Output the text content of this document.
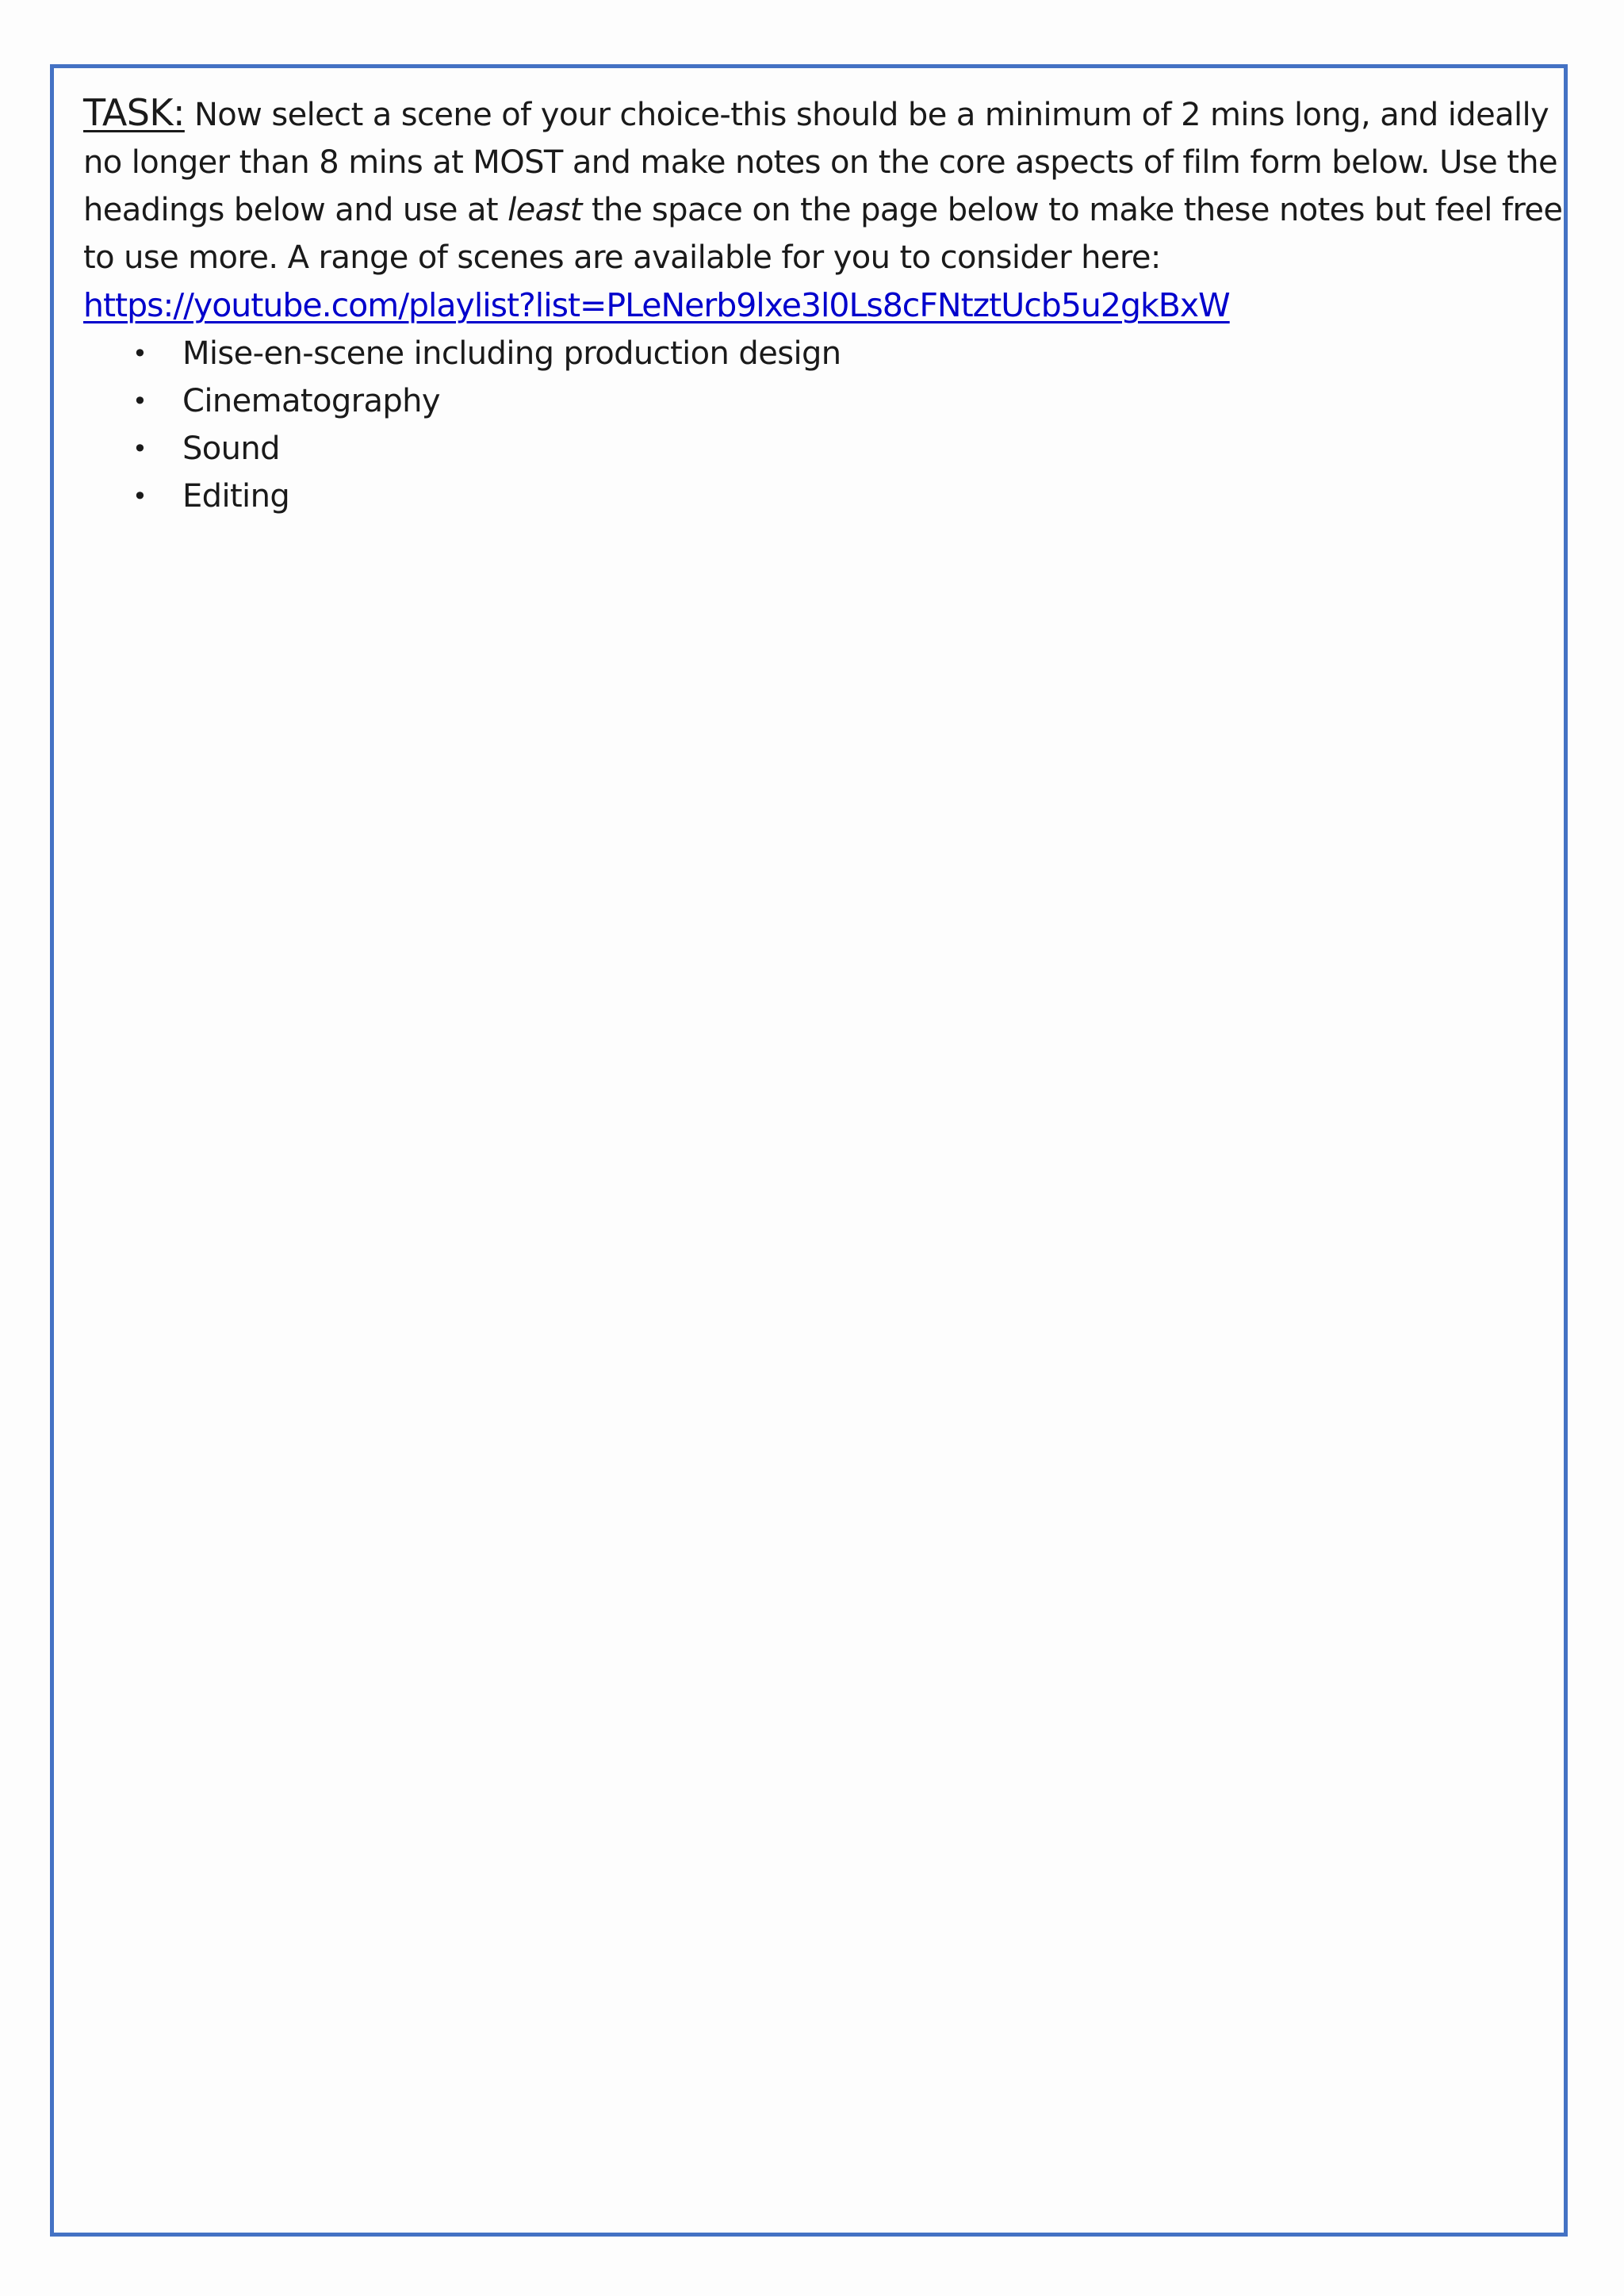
TASK: Now select a scene of your choice-this should be a minimum of 2 mins long, and ideally no longer than 8 mins at MOST and make notes on the core aspects of film form below. Use the headings below and use at least the space on the page below to make these notes but feel free to use more. A range of scenes are available for you to consider here:

https://youtube.com/playlist?list=PLeNerb9lxe3l0Ls8cFNtztUcb5u2gkBxW
• Mise-en-scene including production design
• Cinematography
• Sound
• Editing
